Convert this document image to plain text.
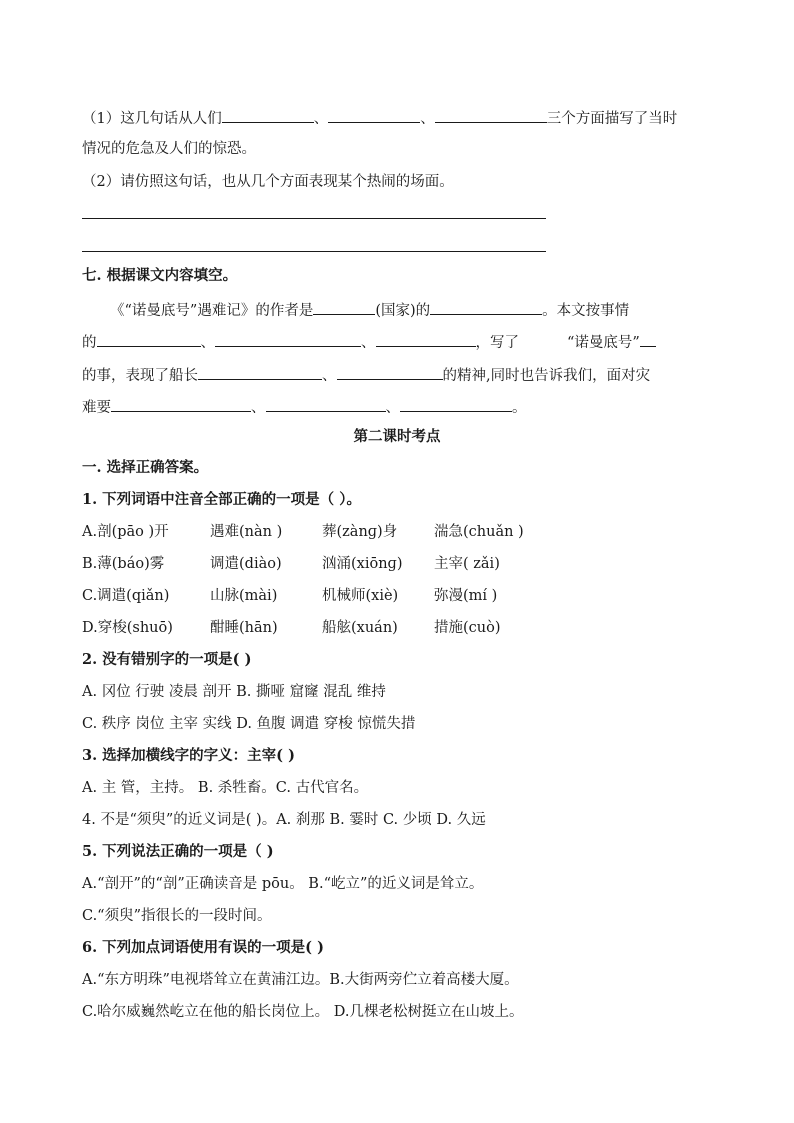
（1）这几句话从人们	、	、	三个方面描写了当时
情况的危急及人们的惊恐。
（2）请仿照这句话，也从几个方面表现某个热闹的场面。
七. 根据课文内容填空。
《“诺曼底号”遇难记》的作者是	(国家)的	。本文按事情
的	、	、	，写了	“诺曼底号”
的事，表现了船长	、	的精神,同时也告诉我们，面对灾
难要	、	、	。
第二课时考点
一. 选择正确答案。
1. 下列词语中注音全部正确的一项是（ ）。
A.剖(pāo )开	遇难(nàn )	葬(zànɡ)身	湍急(chuǎn )
B.薄(báo)雾	调遣(diào)	汹涌(xiōnɡ) 主宰( zǎi)
C.调遣(qiǎn)	山脉(mài)	机械师(xiè) 弥漫(mí )
D.穿梭(shuō)	酣睡(hān)	船舷(xuán) 措施(cuò)
2. 没有错别字的一项是( )
A. 冈位 行驶 凌晨 剖开 B. 撕哑 窟窿 混乱 维持
C. 秩序 岗位 主宰 实线 D. 鱼腹 调遣 穿梭 惊慌失措
3. 选择加横线字的字义：主宰( )
A. 主 管，主持。 B. 杀牲畜。C. 古代官名。
4. 不是“须臾”的近义词是( )。A. 刹那 B. 霎时 C. 少顷 D. 久远
5. 下列说法正确的一项是（ )
A.“剖开”的“剖”正确读音是 pōu。 B.“屹立”的近义词是耸立。
C.“须臾”指很长的一段时间。
6. 下列加点词语使用有误的一项是( )
A.“东方明珠”电视塔耸立在黄浦江边。B.大街两旁伫立着高楼大厦。
C.哈尔威巍然屹立在他的船长岗位上。 D.几棵老松树挺立在山坡上。
